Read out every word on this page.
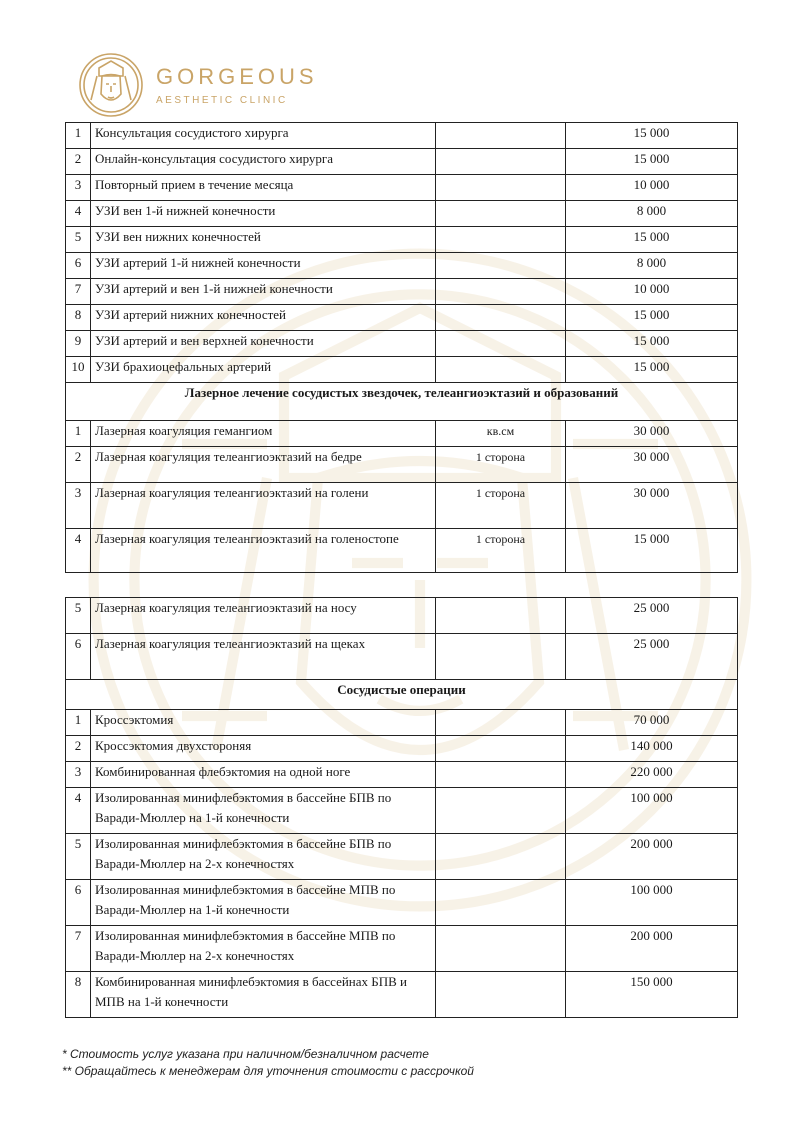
GORGEOUS
AESTHETIC CLINIC
1	Консультация сосудистого хирурга		15 000
2	Онлайн-консультация сосудистого хирурга		15 000
3	Повторный прием в течение месяца		10 000
4	УЗИ вен 1-й нижней конечности		8 000
5	УЗИ вен нижних конечностей		15 000
6	УЗИ артерий 1-й нижней конечности		8 000
7	УЗИ артерий и вен 1-й нижней конечности		10 000
8	УЗИ артерий нижних конечностей		15 000
9	УЗИ артерий и вен верхней конечности		15 000
10	УЗИ брахиоцефальных артерий		15 000
Лазерное лечение сосудистых звездочек, телеангиоэктазий и образований			
1	Лазерная коагуляция гемангиом	кв.см	30 000
2	Лазерная коагуляция телеангиоэктазий на бедре	1 сторона	30 000
3	Лазерная коагуляция телеангиоэктазий на голени	1 сторона	30 000
4	Лазерная коагуляция телеангиоэктазий на голеностопе	1 сторона	15 000
5	Лазерная коагуляция телеангиоэктазий на носу		25 000
6	Лазерная коагуляция телеангиоэктазий на щеках		25 000
Сосудистые операции			
1	Кроссэктомия		70 000
2	Кроссэктомия двухстороняя		140 000
3	Комбинированная флебэктомия на одной ноге		220 000
4	Изолированная минифлебэктомия в бассейне БПВ по Варади-Мюллер на 1-й конечности		100 000
5	Изолированная минифлебэктомия в бассейне БПВ по Варади-Мюллер на 2-х конечностях		200 000
6	Изолированная минифлебэктомия в бассейне МПВ по Варади-Мюллер на 1-й конечности		100 000
7	Изолированная минифлебэктомия в бассейне МПВ по Варади-Мюллер на 2-х конечностях		200 000
8	Комбинированная минифлебэктомия в бассейнах БПВ и МПВ на 1-й конечности		150 000
* Стоимость услуг указана при наличном/безналичном расчете
** Обращайтесь к менеджерам для уточнения стоимости с рассрочкой
